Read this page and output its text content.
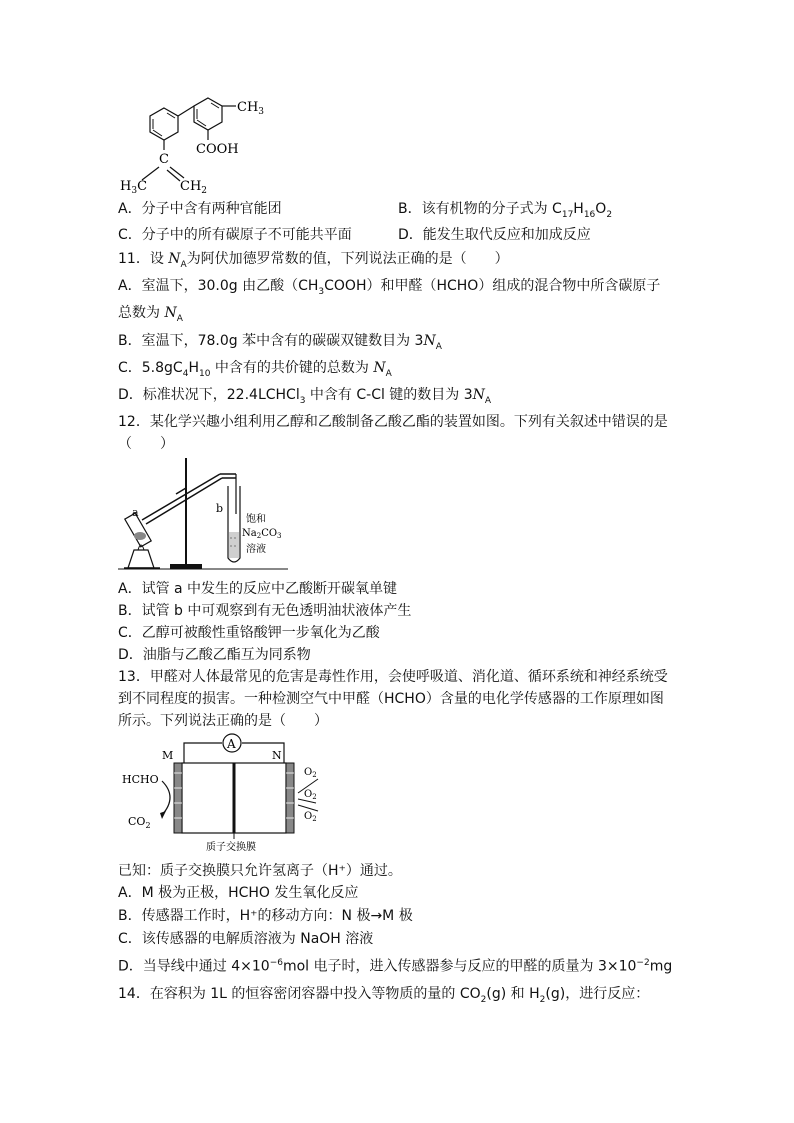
$CH_3$
COOH
C
$H_3C$	$CH_2$
A．分子中含有两种官能团	B．该有机物的分子式为 $C_{17}H_{16}O_2$
C．分子中的所有碳原子不可能共平面	D．能发生取代反应和加成反应
11．设 $N_A$为阿伏加德罗常数的值，下列说法正确的是（　　）
A．室温下，30.0g 由乙酸$(CH_3COOH)$和甲醛（HCHO）组成的混合物中所含碳原子
总数为 $N_A$
B．室温下，78.0g 苯中含有的碳碳双键数目为 $3N_A$
C．$5.8gC_4H_{10}$ 中含有的共价键的总数为 $N_A$
D．标准状况下，22.4LCHCl$_3$ 中含有 C-Cl 键的数目为 $3N_A$
12．某化学兴趣小组利用乙醇和乙酸制备乙酸乙酯的装置如图。下列有关叙述中错误的是
（　　）
a	b
饱和
$Na_2CO_3$
溶液
A．试管 a 中发生的反应中乙酸断开碳氧单键
B．试管 b 中可观察到有无色透明油状液体产生
C．乙醇可被酸性重铬酸钾一步氧化为乙酸
D．油脂与乙酸乙酯互为同系物
13．甲醛对人体最常见的危害是毒性作用，会使呼吸道、消化道、循环系统和神经系统受
到不同程度的损害。一种检测空气中甲醛（HCHO）含量的电化学传感器的工作原理如图
所示。下列说法正确的是（　　）
A
M	N
质子交换膜
HCHO
$CO_2$
$O_2$
$O_2$
$O_2$
已知：质子交换膜只允许氢离子（H⁺）通过。
A．M 极为正极，HCHO 发生氧化反应
B．传感器工作时，H⁺的移动方向：N 极→M 极
C．该传感器的电解质溶液为 NaOH 溶液
D．当导线中通过 $4\times 10^{-6}mol$ 电子时，进入传感器参与反应的甲醛的质量为 $3\times 10^{-2}mg$
14．在容积为 1L 的恒容密闭容器中投入等物质的量的 $CO_2(g)$ 和 $H_2(g)$，进行反应：
